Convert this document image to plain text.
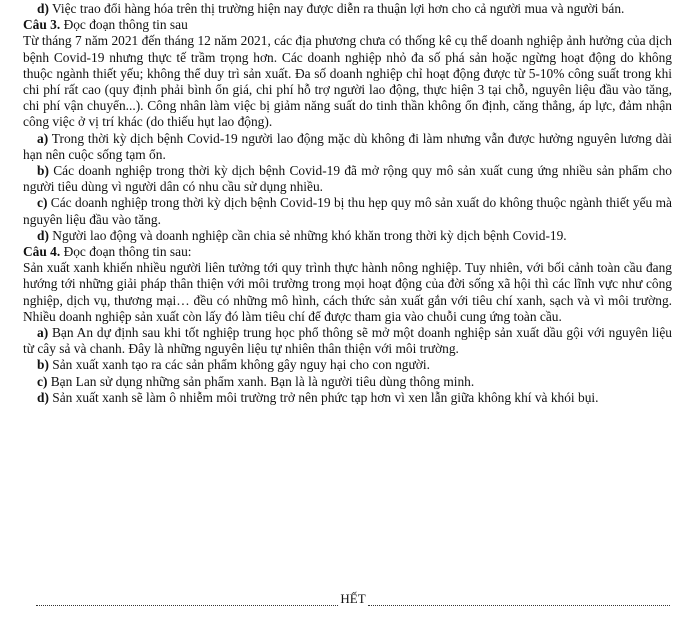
d) Việc trao đổi hàng hóa trên thị trường hiện nay được diễn ra thuận lợi hơn cho cả người mua và người bán.

Câu 3. Đọc đoạn thông tin sau

Từ tháng 7 năm 2021 đến tháng 12 năm 2021, các địa phương chưa có thống kê cụ thể doanh nghiệp ảnh hưởng của dịch bệnh Covid-19 nhưng thực tế trầm trọng hơn. Các doanh nghiệp nhỏ đa số phá sản hoặc ngừng hoạt động do không thuộc ngành thiết yếu; không thể duy trì sản xuất. Đa số doanh nghiệp chỉ hoạt động được từ 5-10% công suất trong khi chi phí rất cao (quy định phải bình ổn giá, chi phí hỗ trợ người lao động, thực hiện 3 tại chỗ, nguyên liệu đầu vào tăng, chi phí vận chuyển...). Công nhân làm việc bị giảm năng suất do tinh thần không ổn định, căng thẳng, áp lực, đảm nhận công việc ở vị trí khác (do thiếu hụt lao động).

a) Trong thời kỳ dịch bệnh Covid-19 người lao động mặc dù không đi làm nhưng vẫn được hưởng nguyên lương dài hạn nên cuộc sống tạm ổn.

b) Các doanh nghiệp trong thời kỳ dịch bệnh Covid-19 đã mở rộng quy mô sản xuất cung ứng nhiều sản phẩm cho người tiêu dùng vì người dân có nhu cầu sử dụng nhiều.

c) Các doanh nghiệp trong thời kỳ dịch bệnh Covid-19 bị thu hẹp quy mô sản xuất do không thuộc ngành thiết yếu mà nguyên liệu đầu vào tăng.

d) Người lao động và doanh nghiệp cần chia sẻ những khó khăn trong thời kỳ dịch bệnh Covid-19.

Câu 4. Đọc đoạn thông tin sau:

Sản xuất xanh khiến nhiều người liên tưởng tới quy trình thực hành nông nghiệp. Tuy nhiên, với bối cảnh toàn cầu đang hướng tới những giải pháp thân thiện với môi trường trong mọi hoạt động của đời sống xã hội thì các lĩnh vực như công nghiệp, dịch vụ, thương mại… đều có những mô hình, cách thức sản xuất gắn với tiêu chí xanh, sạch và vì môi trường. Nhiều doanh nghiệp sản xuất còn lấy đó làm tiêu chí để được tham gia vào chuỗi cung ứng toàn cầu.

a) Bạn An dự định sau khi tốt nghiệp trung học phổ thông sẽ mở một doanh nghiệp sản xuất dầu gội với nguyên liệu từ cây sả và chanh. Đây là những nguyên liệu tự nhiên thân thiện với môi trường.

b) Sản xuất xanh tạo ra các sản phẩm không gây nguy hại cho con người.

c) Bạn Lan sử dụng những sản phẩm xanh. Bạn là là người tiêu dùng thông minh.

d) Sản xuất xanh sẽ làm ô nhiễm môi trường trở nên phức tạp hơn vì xen lẫn giữa không khí và khói bụi.

HẾT
